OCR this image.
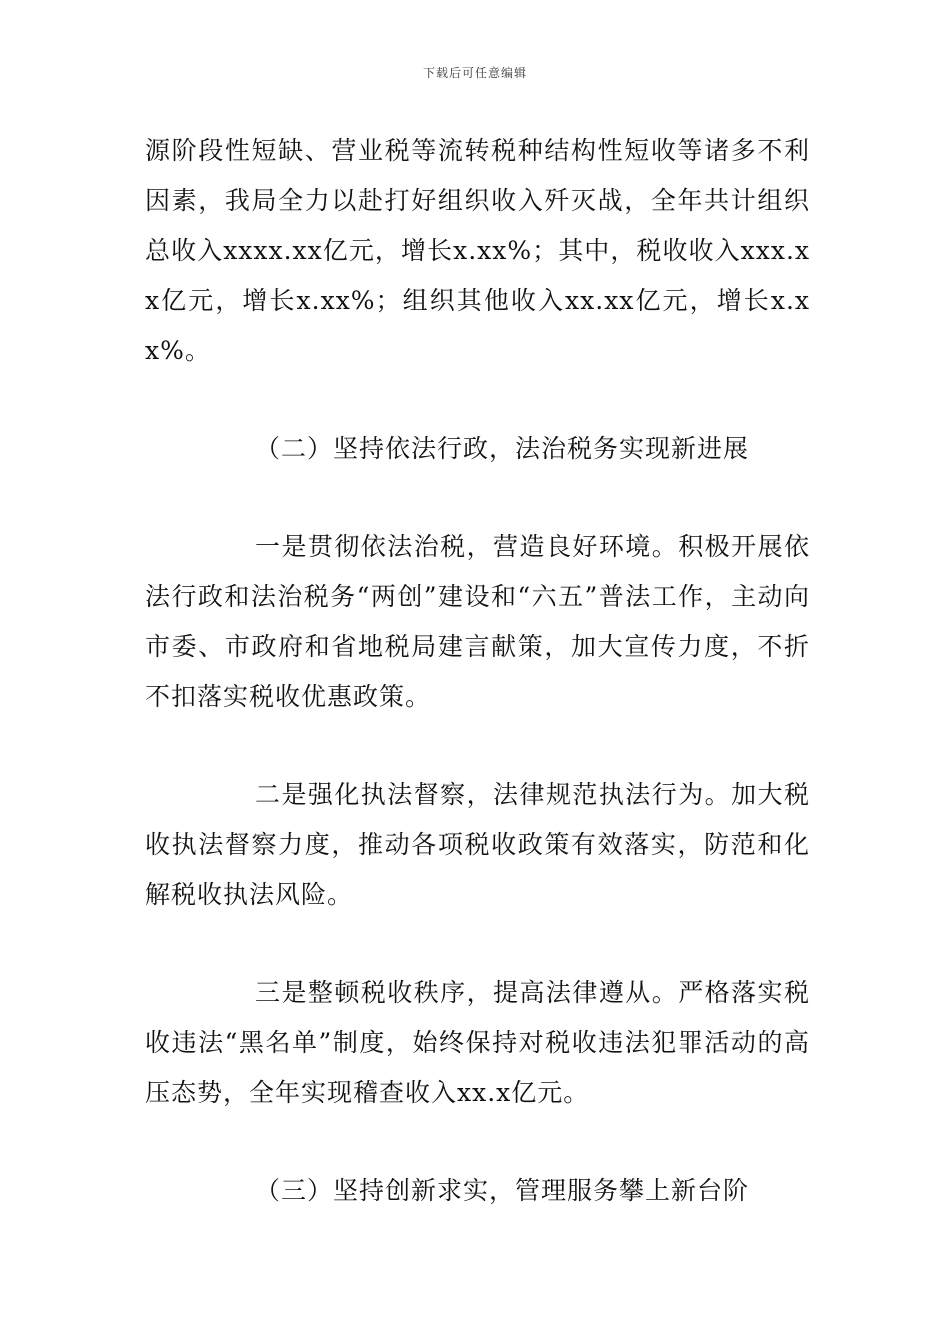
下载后可任意编辑

源阶段性短缺、营业税等流转税种结构性短收等诸多不利因素，我局全力以赴打好组织收入歼灭战，全年共计组织总收入xxxx.xx亿元，增长x.xx%；其中，税收收入xxx.xx亿元，增长x.xx%；组织其他收入xx.xx亿元，增长x.xx%。

（二）坚持依法行政，法治税务实现新进展

一是贯彻依法治税，营造良好环境。积极开展依法行政和法治税务“两创”建设和“六五”普法工作，主动向市委、市政府和省地税局建言献策，加大宣传力度，不折不扣落实税收优惠政策。

二是强化执法督察，法律规范执法行为。加大税收执法督察力度，推动各项税收政策有效落实，防范和化解税收执法风险。

三是整顿税收秩序，提高法律遵从。严格落实税收违法“黑名单”制度，始终保持对税收违法犯罪活动的高压态势，全年实现稽查收入xx.x亿元。

（三）坚持创新求实，管理服务攀上新台阶
